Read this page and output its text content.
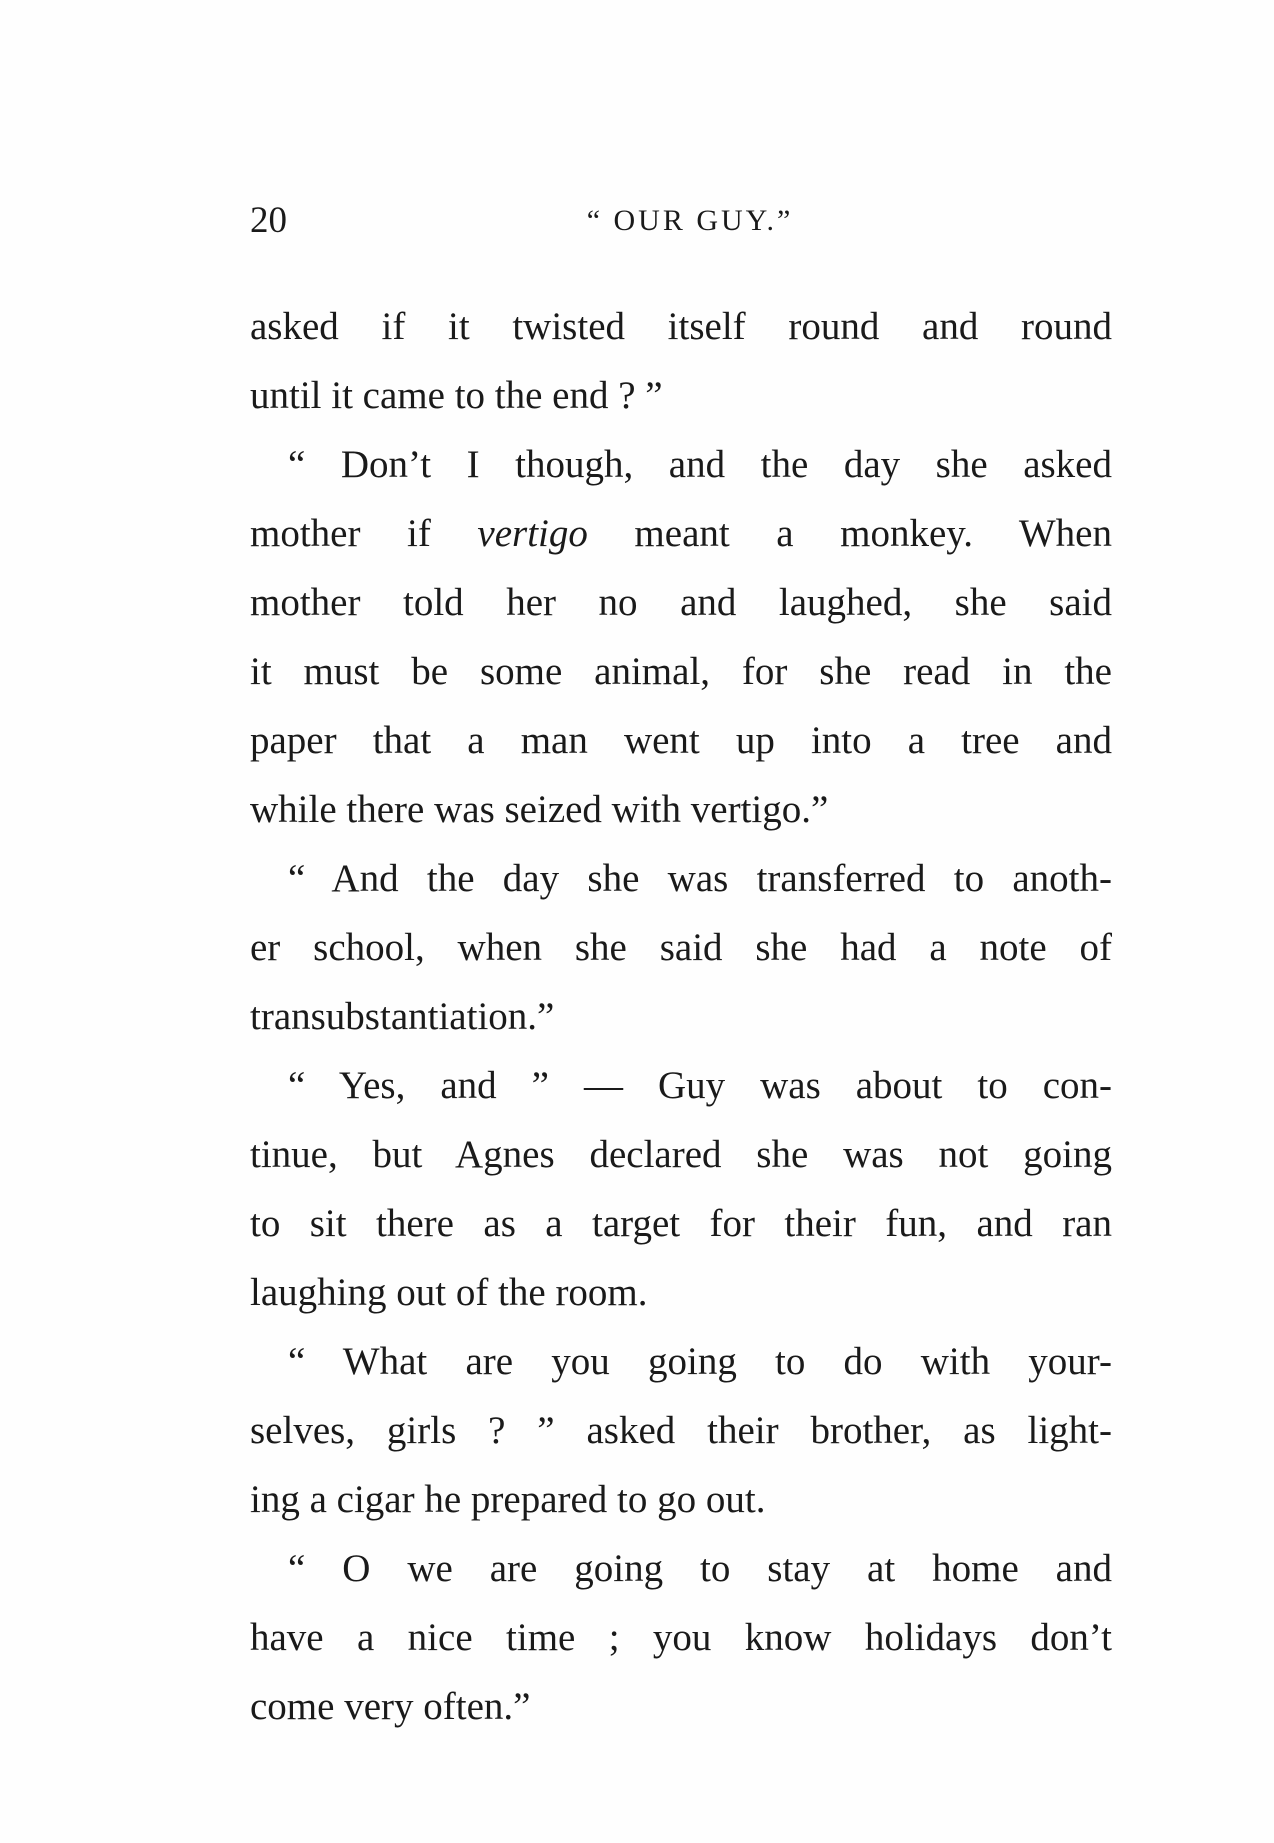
20	“ OUR GUY.”
asked if it twisted itself round and round
until it came to the end ? ”
“ Don’t I though, and the day she asked
mother if vertigo meant a monkey. When
mother told her no and laughed, she said
it must be some animal, for she read in the
paper that a man went up into a tree and
while there was seized with vertigo.”
“ And the day she was transferred to anoth-
er school, when she said she had a note of
transubstantiation.”
“ Yes, and ” — Guy was about to con-
tinue, but Agnes declared she was not going
to sit there as a target for their fun, and ran
laughing out of the room.
“ What are you going to do with your-
selves, girls ? ” asked their brother, as light-
ing a cigar he prepared to go out.
“ O we are going to stay at home and
have a nice time ; you know holidays don’t
come very often.”
